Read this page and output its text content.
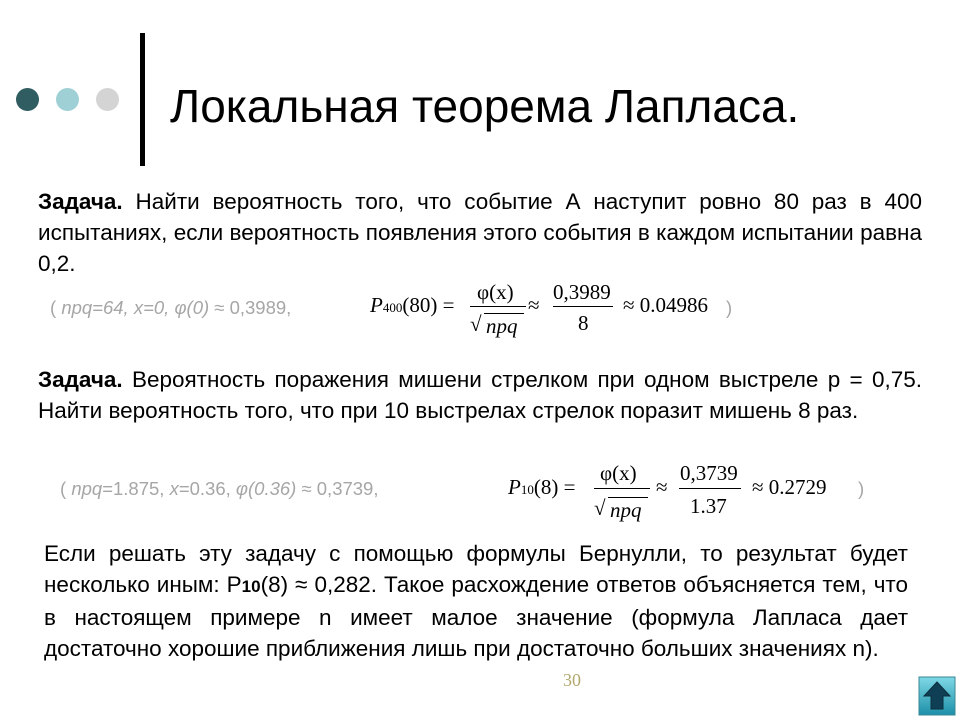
Локальная теорема Лапласа.
Задача. Найти вероятность того, что событие А наступит ровно 80 раз в 400 испытаниях, если вероятность появления этого события в каждом испытании равна 0,2.
( npq=64, x=0, φ(0) ≈ 0,3989,	)
P400(80) =
φ(x)
√ npq
≈
0,3989
8
≈ 0.04986
Задача. Вероятность поражения мишени стрелком при одном выстреле p = 0,75. Найти вероятность того, что при 10 выстрелах стрелок поразит мишень 8 раз.
( npq=1.875, x=0.36, φ(0.36) ≈ 0,3739,	)
P10(8) =
φ(x)
√ npq
≈
0,3739
1.37
≈ 0.2729
Если решать эту задачу с помощью формулы Бернулли, то результат будет несколько иным: P10(8) ≈ 0,282. Такое расхождение ответов объясняется тем, что в настоящем примере n имеет малое значение (формула Лапласа дает достаточно хорошие приближения лишь при достаточно больших значениях n).
30
